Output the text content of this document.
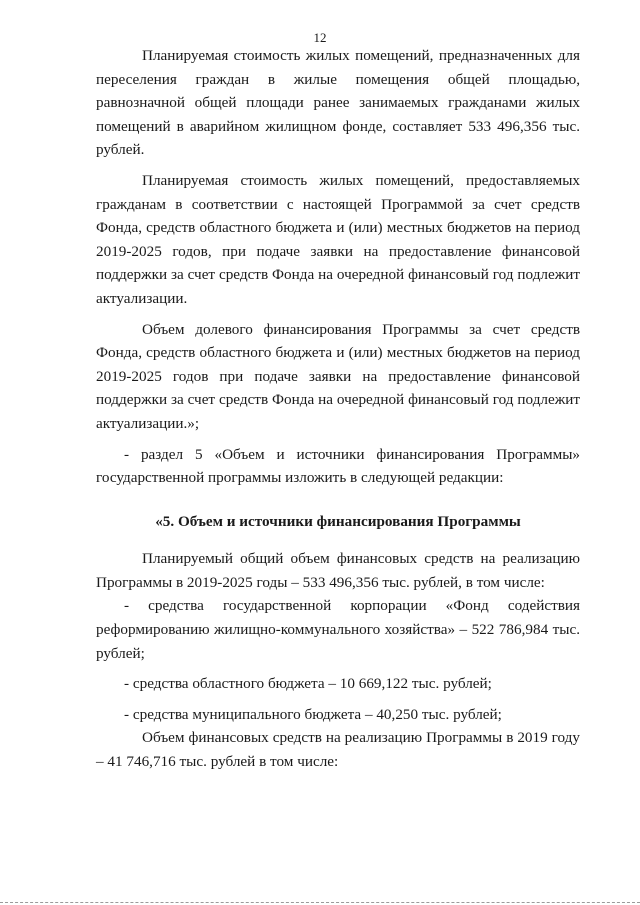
12

Планируемая стоимость жилых помещений, предназначенных для переселения граждан в жилые помещения общей площадью, равнозначной общей площади ранее занимаемых гражданами жилых помещений в аварийном жилищном фонде, составляет 533 496,356 тыс. рублей.

Планируемая стоимость жилых помещений, предоставляемых гражданам в соответствии с настоящей Программой за счет средств Фонда, средств областного бюджета и (или) местных бюджетов на период 2019-2025 годов, при подаче заявки на предоставление финансовой поддержки за счет средств Фонда на очередной финансовый год подлежит актуализации.

Объем долевого финансирования Программы за счет средств Фонда, средств областного бюджета и (или) местных бюджетов на период 2019-2025 годов при подаче заявки на предоставление финансовой поддержки за счет средств Фонда на очередной финансовый год подлежит актуализации.»;

- раздел 5 «Объем и источники финансирования Программы» государственной программы изложить в следующей редакции:

«5. Объем и источники финансирования Программы

Планируемый общий объем финансовых средств на реализацию Программы в 2019-2025 годы – 533 496,356 тыс. рублей, в том числе:

- средства государственной корпорации «Фонд содействия реформированию жилищно-коммунального хозяйства» – 522 786,984 тыс. рублей;

- средства областного бюджета – 10 669,122 тыс. рублей;

- средства муниципального бюджета – 40,250 тыс. рублей;

Объем финансовых средств на реализацию Программы в 2019 году – 41 746,716 тыс. рублей в том числе:
